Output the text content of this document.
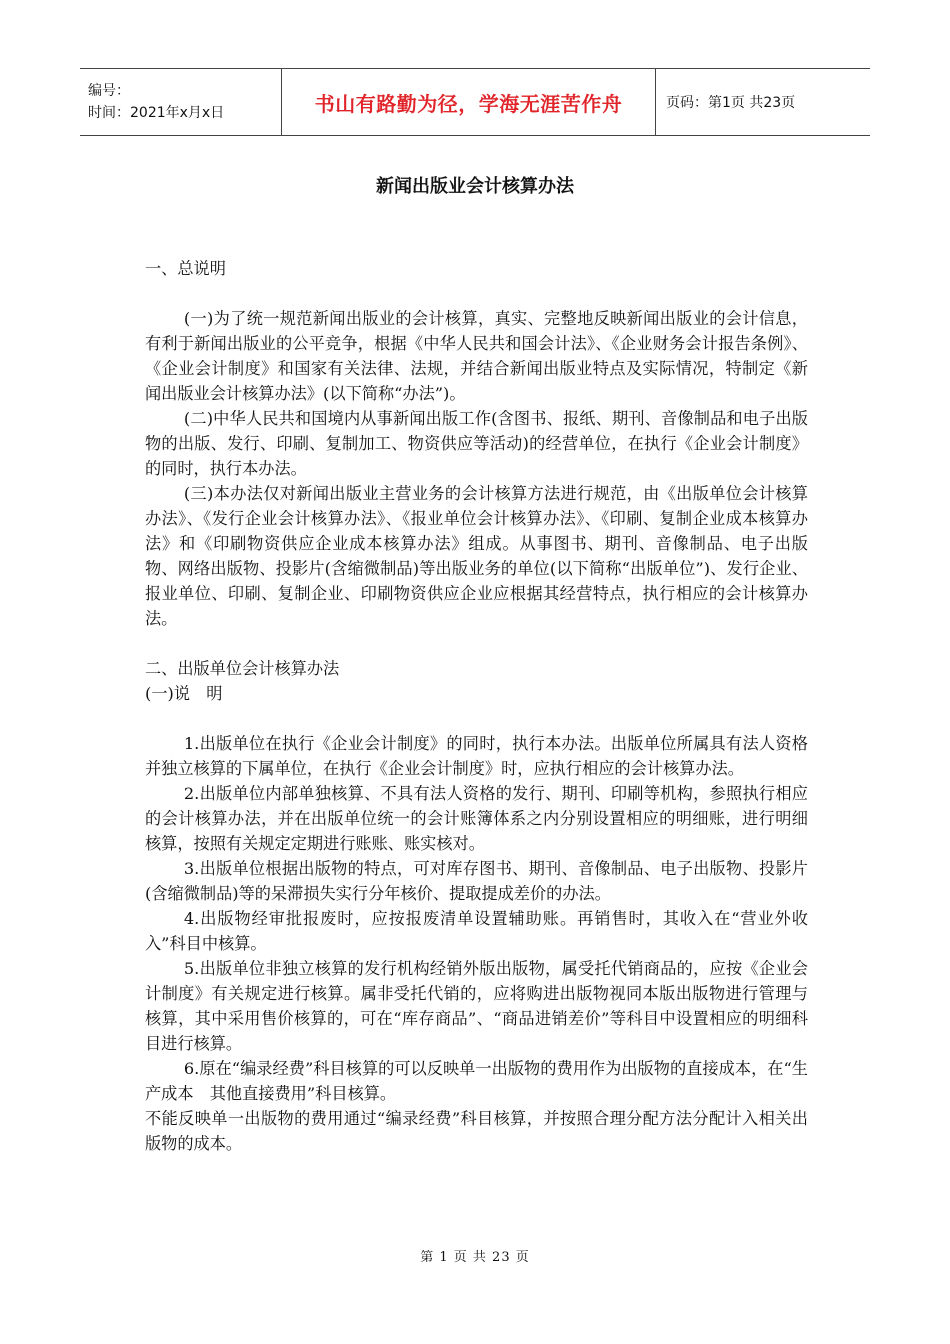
编号：
时间：2021年x月x日	书山有路勤为径，学海无涯苦作舟	页码：第1页 共23页
新闻出版业会计核算办法

一、总说明

(一)为了统一规范新闻出版业的会计核算，真实、完整地反映新闻出版业的会计信息，有利于新闻出版业的公平竞争，根据《中华人民共和国会计法》、《企业财务会计报告条例》、《企业会计制度》和国家有关法律、法规，并结合新闻出版业特点及实际情况，特制定《新闻出版业会计核算办法》(以下简称“办法”)。

(二)中华人民共和国境内从事新闻出版工作(含图书、报纸、期刊、音像制品和电子出版物的出版、发行、印刷、复制加工、物资供应等活动)的经营单位，在执行《企业会计制度》的同时，执行本办法。

(三)本办法仅对新闻出版业主营业务的会计核算方法进行规范，由《出版单位会计核算办法》、《发行企业会计核算办法》、《报业单位会计核算办法》、《印刷、复制企业成本核算办法》和《印刷物资供应企业成本核算办法》组成。从事图书、期刊、音像制品、电子出版物、网络出版物、投影片(含缩微制品)等出版业务的单位(以下简称“出版单位”)、发行企业、报业单位、印刷、复制企业、印刷物资供应企业应根据其经营特点，执行相应的会计核算办法。

二、出版单位会计核算办法

(一)说　明

1.出版单位在执行《企业会计制度》的同时，执行本办法。出版单位所属具有法人资格并独立核算的下属单位，在执行《企业会计制度》时，应执行相应的会计核算办法。

2.出版单位内部单独核算、不具有法人资格的发行、期刊、印刷等机构，参照执行相应的会计核算办法，并在出版单位统一的会计账簿体系之内分别设置相应的明细账，进行明细核算，按照有关规定定期进行账账、账实核对。

3.出版单位根据出版物的特点，可对库存图书、期刊、音像制品、电子出版物、投影片(含缩微制品)等的呆滞损失实行分年核价、提取提成差价的办法。

4.出版物经审批报废时，应按报废清单设置辅助账。再销售时，其收入在“营业外收入”科目中核算。

5.出版单位非独立核算的发行机构经销外版出版物，属受托代销商品的，应按《企业会计制度》有关规定进行核算。属非受托代销的，应将购进出版物视同本版出版物进行管理与核算，其中采用售价核算的，可在“库存商品”、“商品进销差价”等科目中设置相应的明细科目进行核算。

6.原在“编录经费”科目核算的可以反映单一出版物的费用作为出版物的直接成本，在“生产成本　其他直接费用”科目核算。

不能反映单一出版物的费用通过“编录经费”科目核算，并按照合理分配方法分配计入相关出版物的成本。

第 1 页 共 23 页
